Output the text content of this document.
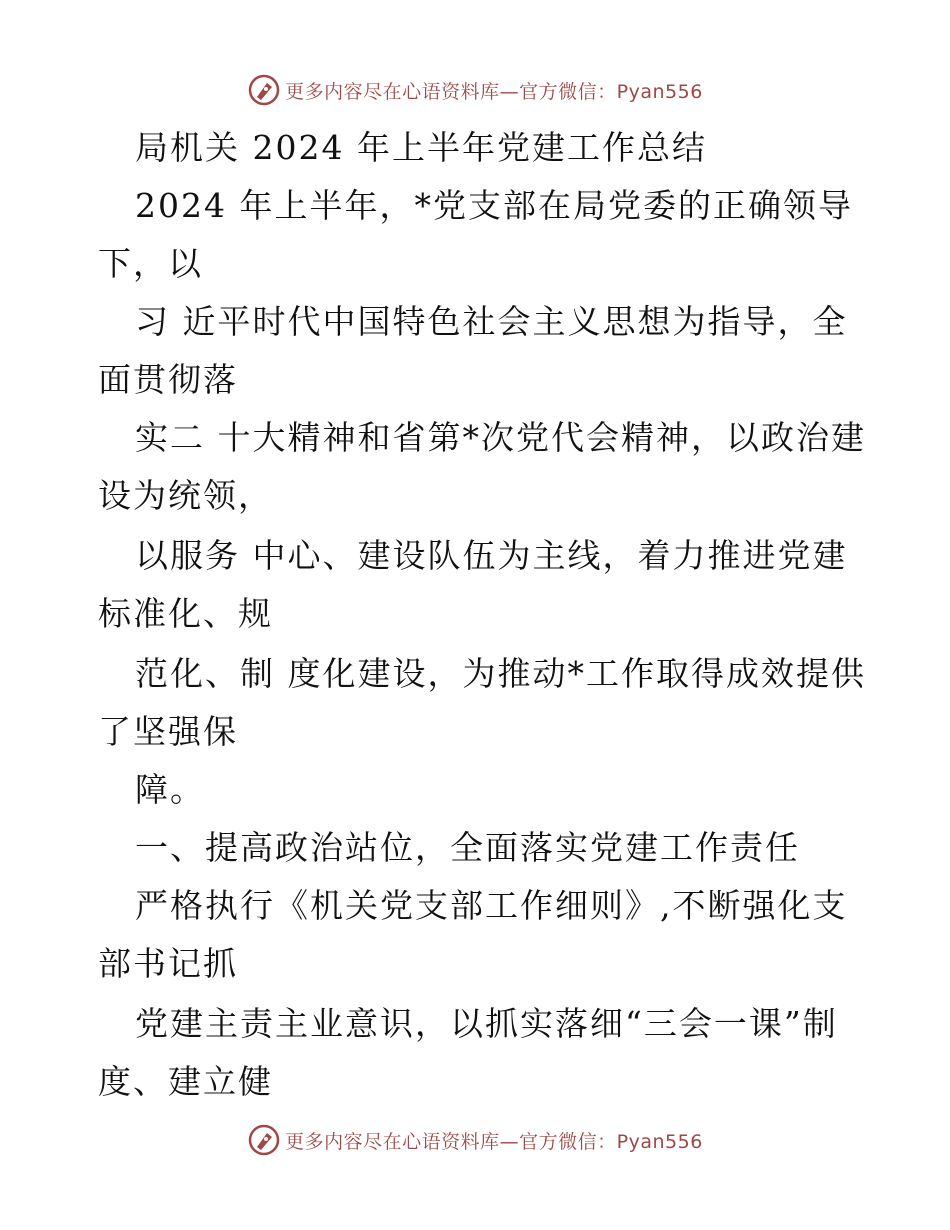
更多内容尽在心语资料库—官方微信：Pyan556
局机关 2024 年上半年党建工作总结
2024 年上半年，*党支部在局党委的正确领导
下，以
习 近平时代中国特色社会主义思想为指导，全
面贯彻落
实二 十大精神和省第*次党代会精神，以政治建
设为统领，
以服务 中心、建设队伍为主线，着力推进党建
标准化、规
范化、制 度化建设，为推动*工作取得成效提供
了坚强保
障。
一、提高政治站位，全面落实党建工作责任
严格执行《机关党支部工作细则》,不断强化支
部书记抓
党建主责主业意识，以抓实落细“三会一课”制
度、建立健
更多内容尽在心语资料库—官方微信：Pyan556
